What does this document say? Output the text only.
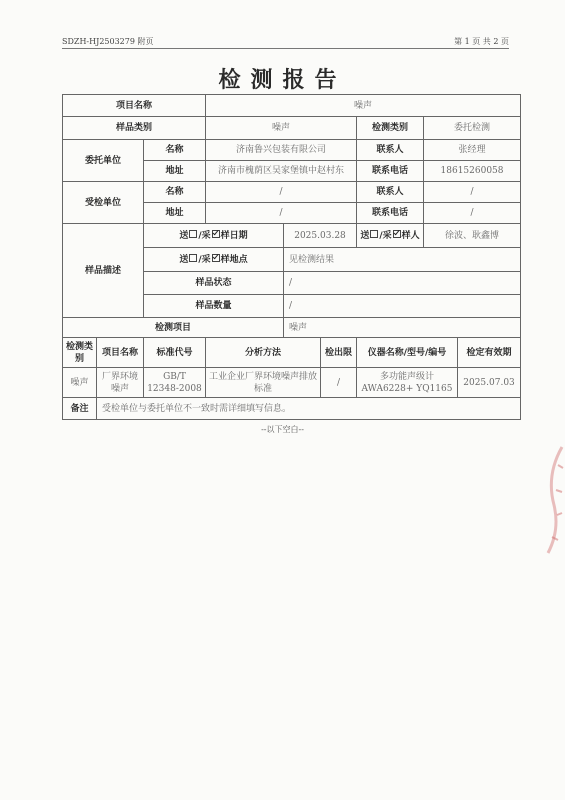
SDZH-HJ2503279 附页	第 1 页 共 2 页
检测报告
项目名称			噪声					
样品类别			噪声			检测类别	委托检测	
委托单位		名称	济南鲁兴包装有限公司			联系人	张经理	
		地址	济南市槐荫区吴家堡镇中赵村东			联系电话	18615260058	
受检单位		名称	/			联系人	/	
		地址	/			联系电话	/	
样品描述		送 /采 样日期		2025.03.28		送 /采 样人	徐波、耿鑫博	
		送 /采 样地点		见检测结果				
		样品状态		/				
		样品数量		/				

检测项目				噪声				
检测类别	项目名称	标准代号	分析方法		检出限	仪器名称/型号/编号		检定有效期
噪声	厂界环境噪声	GB/T 12348-2008	工业企业厂界环境噪声排放标准		/	多功能声级计 AWA6228+ YQ1165		2025.07.03
备注	受检单位与委托单位不一致时需详细填写信息。							
--以下空白--
